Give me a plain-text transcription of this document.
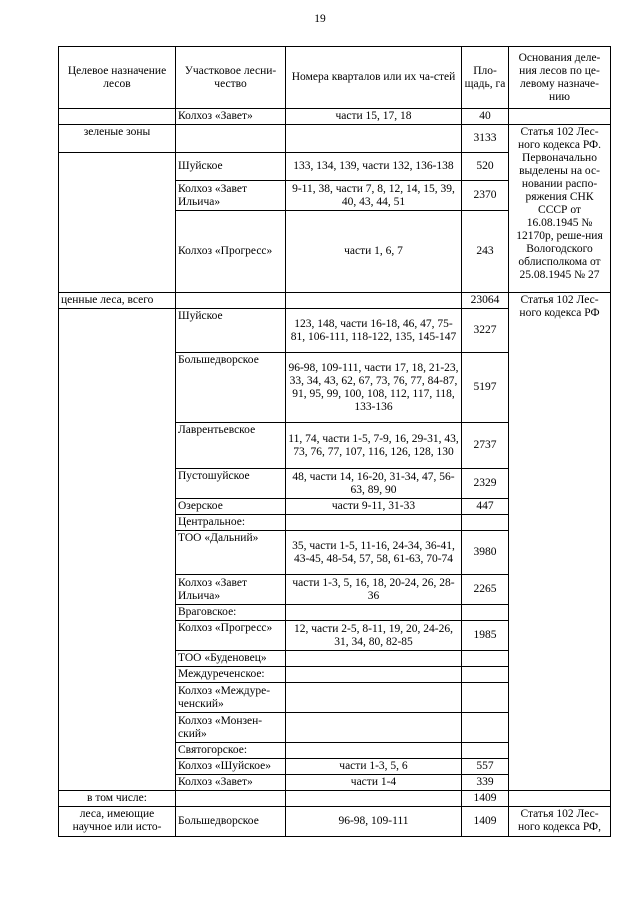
19
Целевое назначение лесов	Участковое лесни-чество	Номера кварталов или их ча-стей	Пло-щадь, га	Основания деле-ния лесов по це-левому назначе-нию
	Колхоз «Завет»	части 15, 17, 18	40	
зеленые зоны			3133	Статья 102 Лес-ного кодекса РФ. Первоначально выделены на ос-новании распо-ряжения СНК СССР от 16.08.1945 № 12170р, реше-ния Вологодского облисполкома от 25.08.1945 № 27
	Шуйское	133, 134, 139, части 132, 136-138	520	
	Колхоз «Завет Ильича»	9-11, 38, части 7, 8, 12, 14, 15, 39, 40, 43, 44, 51	2370	
	Колхоз «Прогресс»	части 1, 6, 7	243	
ценные леса, всего			23064	Статья 102 Лес-ного кодекса РФ
	Шуйское	123, 148, части 16-18, 46, 47, 75-81, 106-111, 118-122, 135, 145-147	3227	
	Большедворское	96-98, 109-111, части 17, 18, 21-23, 33, 34, 43, 62, 67, 73, 76, 77, 84-87, 91, 95, 99, 100, 108, 112, 117, 118, 133-136	5197	
	Лаврентьевское	11, 74, части 1-5, 7-9, 16, 29-31, 43, 73, 76, 77, 107, 116, 126, 128, 130	2737	
	Пустошуйское	48, части 14, 16-20, 31-34, 47, 56-63, 89, 90	2329	
	Озерское	части 9-11, 31-33	447	
	Центральное:			
	ТОО «Дальний»	35, части 1-5, 11-16, 24-34, 36-41, 43-45, 48-54, 57, 58, 61-63, 70-74	3980	
	Колхоз «Завет Ильича»	части 1-3, 5, 16, 18, 20-24, 26, 28-36	2265	
	Враговское:			
	Колхоз «Прогресс»	12, части 2-5, 8-11, 19, 20, 24-26, 31, 34, 80, 82-85	1985	
	ТОО «Буденовец»			
	Междуреченское:			
	Колхоз «Междуре-ченский»			
	Колхоз «Монзен-ский»			
	Святогорское:			
	Колхоз «Шуйское»	части 1-3, 5, 6	557	
	Колхоз «Завет»	части 1-4	339	
в том числе:			1409	
леса, имеющие научное или исто-	Большедворское	96-98, 109-111	1409	Статья 102 Лес-ного кодекса РФ,
